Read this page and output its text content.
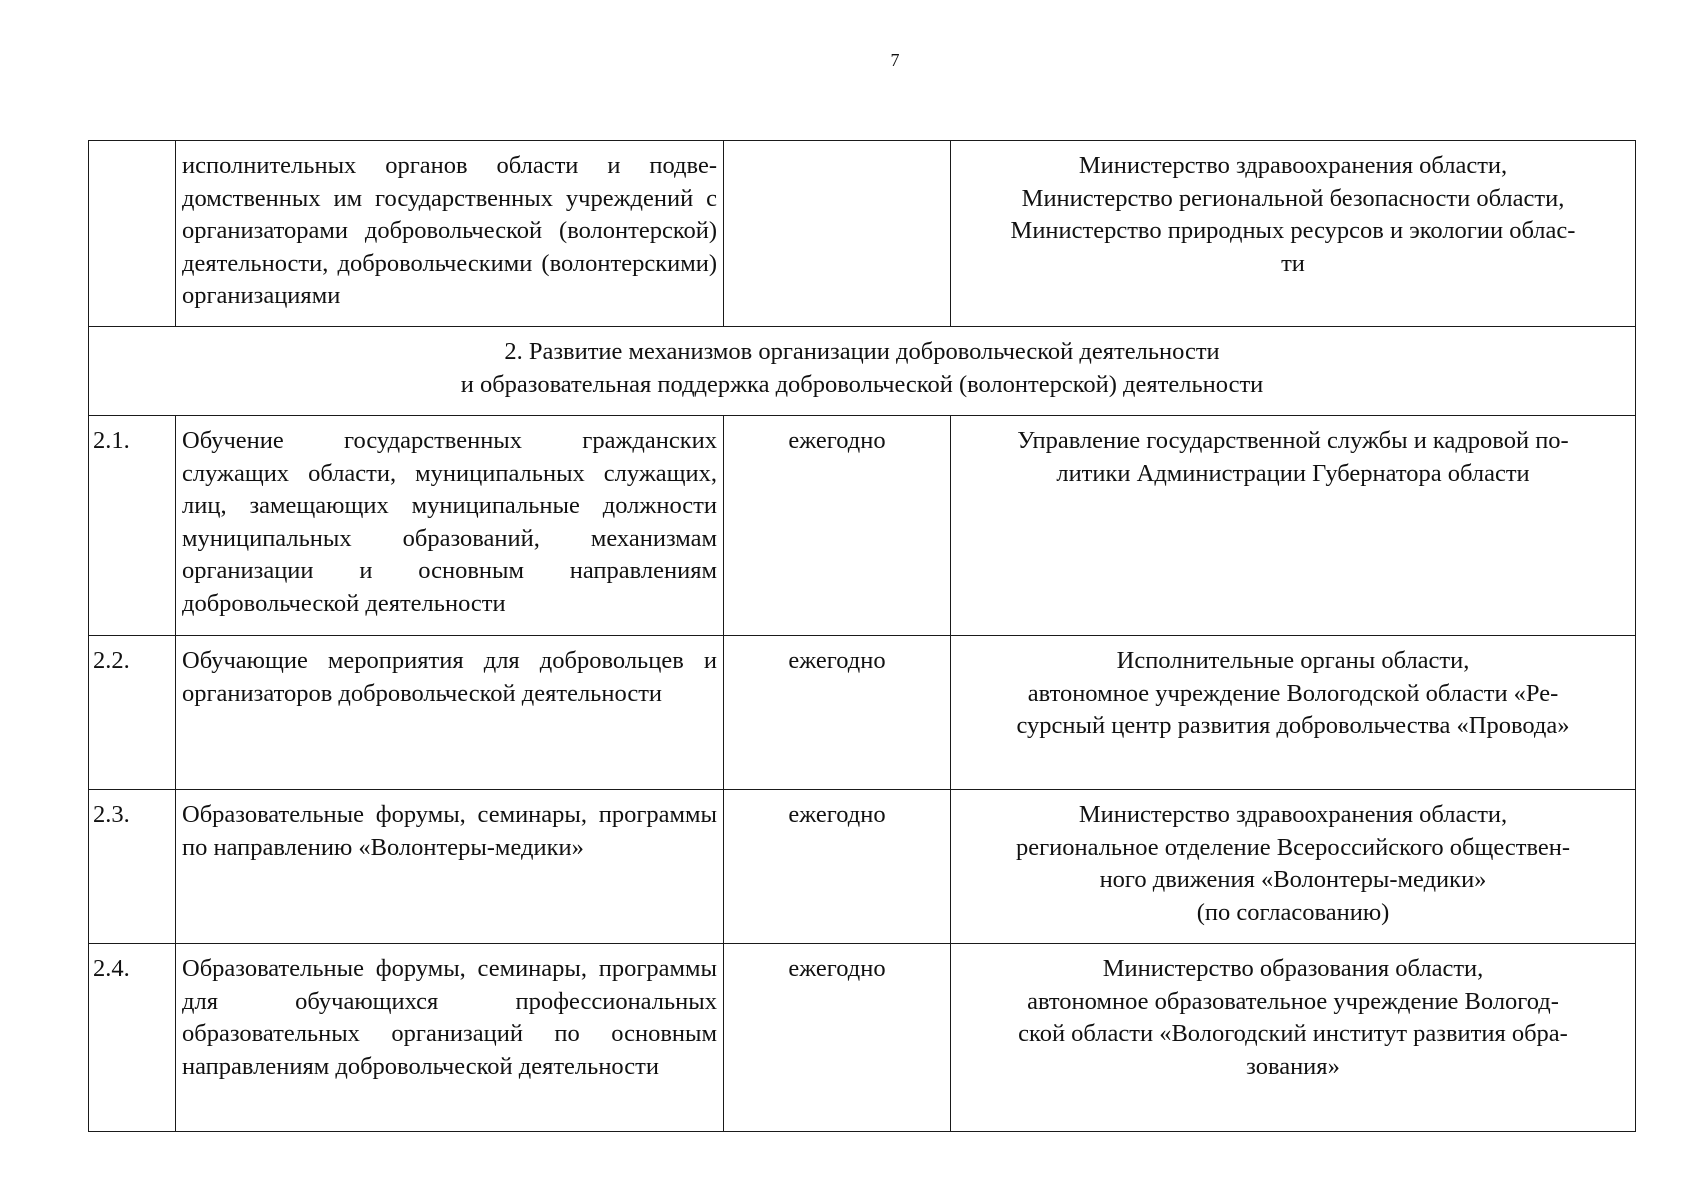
7
	исполнительных органов области и подведомственных им государственных учреждений с организаторами добровольческой (волонтерской) деятельности, добровольческими (волонтерскими) организациями		Министерство здравоохранения области,
Министерство региональной безопасности области,
Министерство природных ресурсов и экологии облас-
ти

2. Развитие механизмов организации добровольческой деятельности
и образовательная поддержка добровольческой (волонтерской) деятельности			

2.1.	Обучение государственных гражданских служащих области, муниципальных служащих, лиц, замещающих муниципальные должности муниципальных образований, механизмам организации и основным направлениям добровольческой деятельности	ежегодно	Управление государственной службы и кадровой по-
литики Администрации Губернатора области

2.2.	Обучающие мероприятия для добровольцев и организаторов добровольческой деятельности	ежегодно	Исполнительные органы области,
автономное учреждение Вологодской области «Ре-
сурсный центр развития добровольчества «Провода»

2.3.	Образовательные форумы, семинары, программы по направлению «Волонтеры-медики»	ежегодно	Министерство здравоохранения области,
региональное отделение Всероссийского обществен-
ного движения «Волонтеры-медики»
(по согласованию)

2.4.	Образовательные форумы, семинары, программы для обучающихся профессиональных образовательных организаций по основным направлениям добровольческой деятельности	ежегодно	Министерство образования области,
автономное образовательное учреждение Вологод-
ской области «Вологодский институт развития обра-
зования»
